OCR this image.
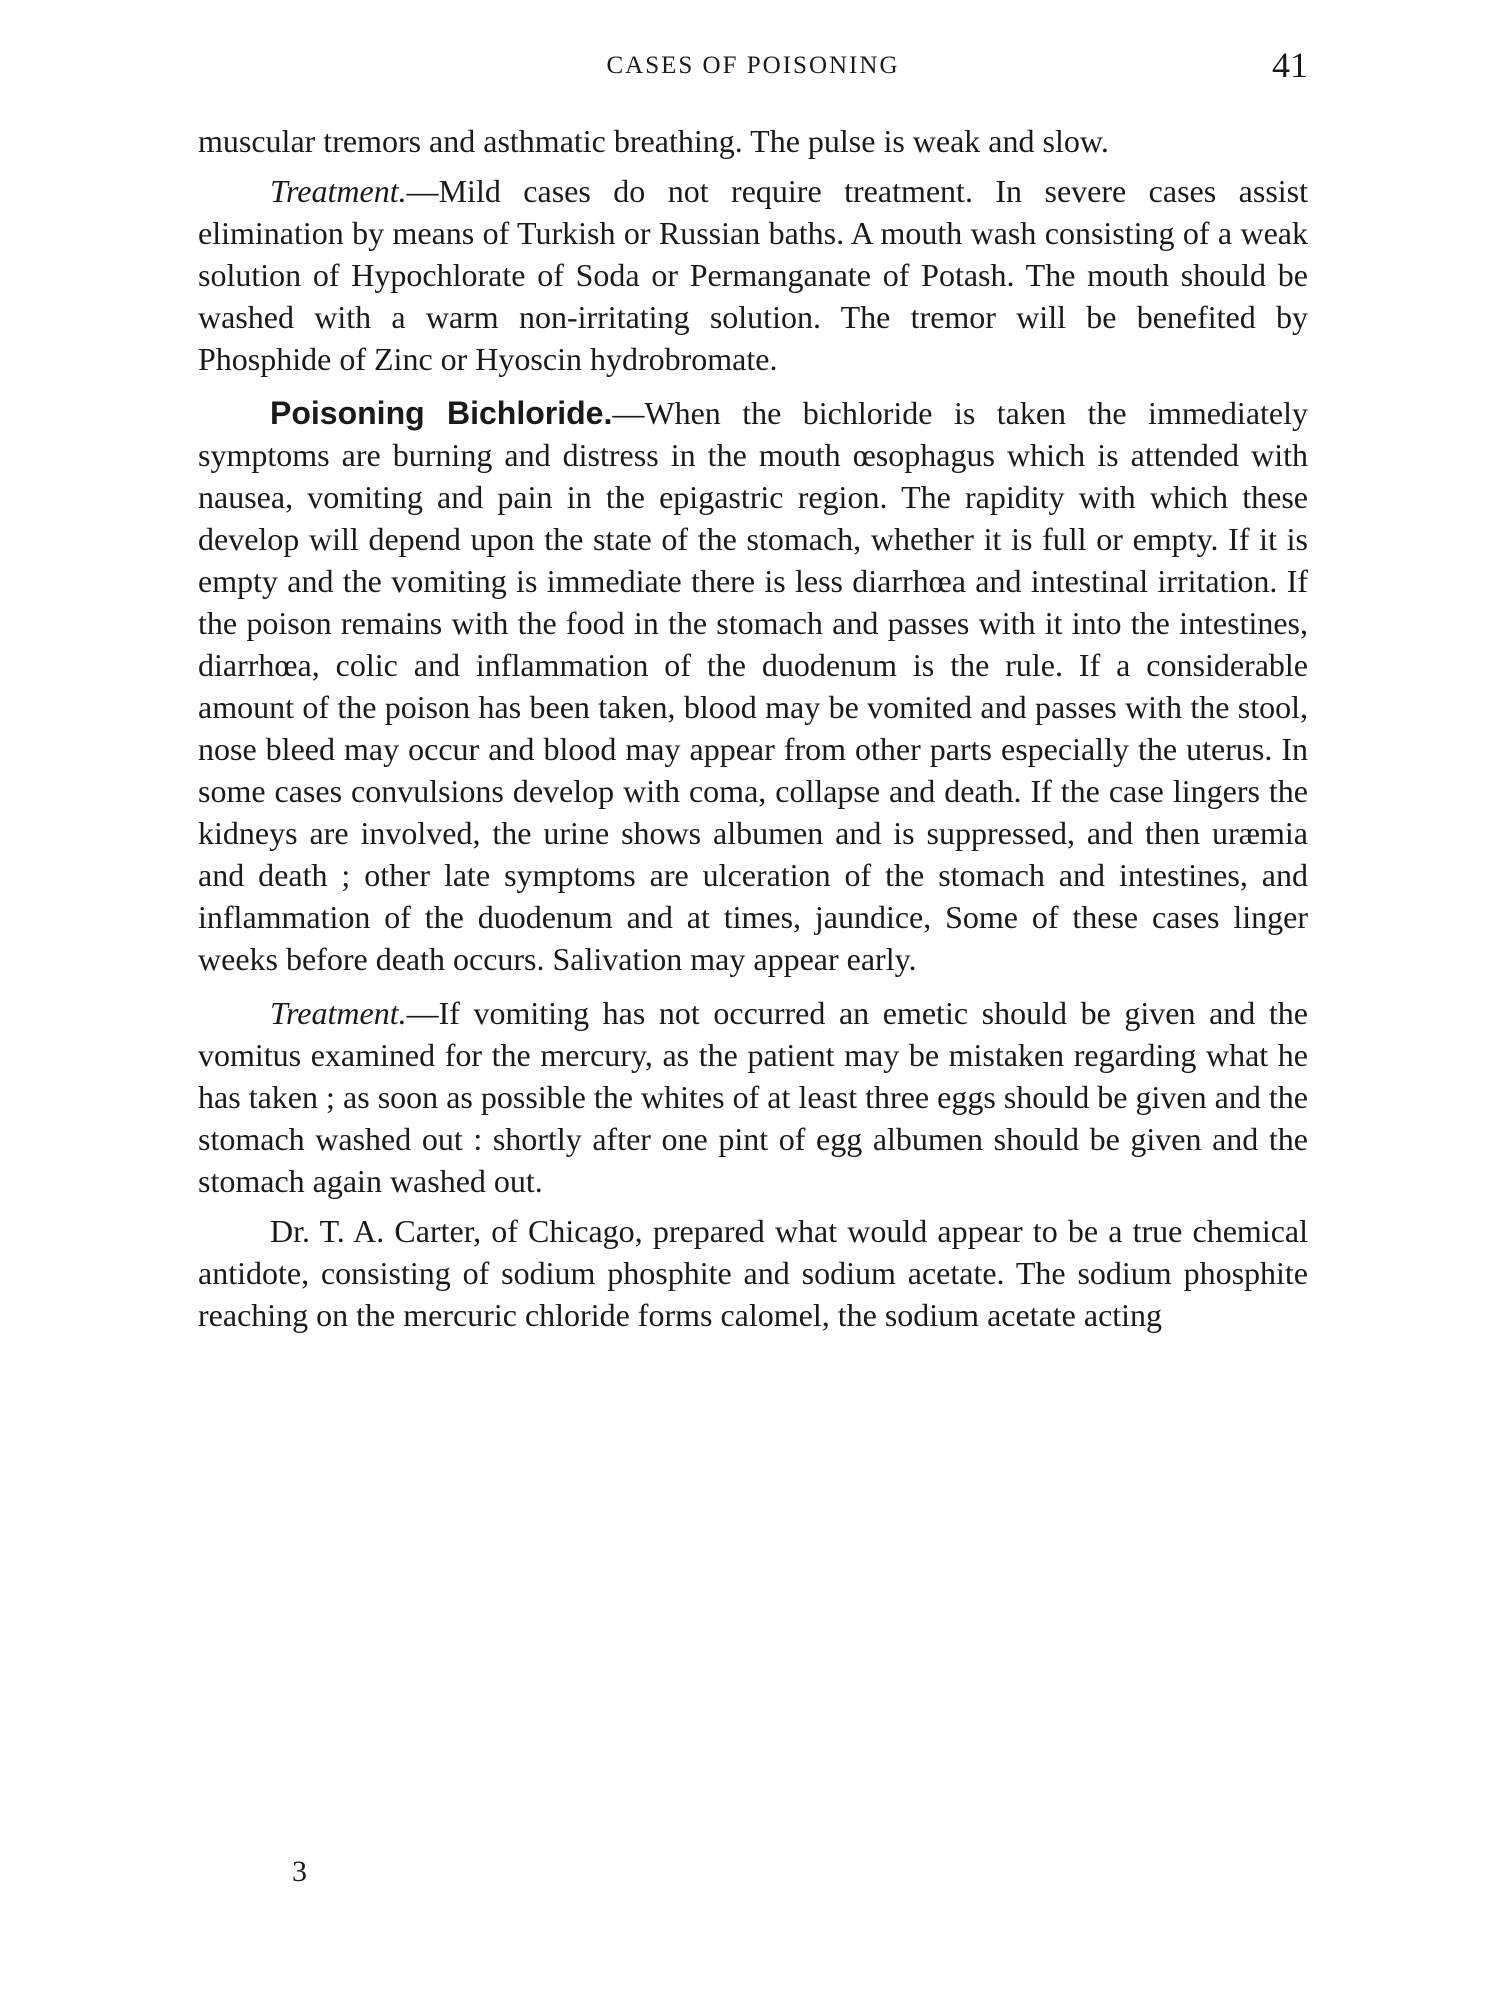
CASES OF POISONING	41

muscular tremors and asthmatic breathing. The pulse is weak and slow.

Treatment.—Mild cases do not require treatment. In severe cases assist elimination by means of Turkish or Russian baths. A mouth wash consisting of a weak solution of Hypochlorate of Soda or Permanganate of Potash. The mouth should be washed with a warm non-irritating solution. The tremor will be benefited by Phosphide of Zinc or Hyoscin hydrobromate.

Poisoning Bichloride.—When the bichloride is taken the immediately symptoms are burning and distress in the mouth œsophagus which is attended with nausea, vomiting and pain in the epigastric region. The rapidity with which these develop will depend upon the state of the stomach, whether it is full or empty. If it is empty and the vomiting is immediate there is less diarrhœa and intestinal irritation. If the poison remains with the food in the stomach and passes with it into the intestines, diarrhœa, colic and inflammation of the duodenum is the rule. If a considerable amount of the poison has been taken, blood may be vomited and passes with the stool, nose bleed may occur and blood may appear from other parts especially the uterus. In some cases convulsions develop with coma, collapse and death. If the case lingers the kidneys are involved, the urine shows albumen and is suppressed, and then uræmia and death ; other late symptoms are ulceration of the stomach and intestines, and inflammation of the duodenum and at times, jaundice, Some of these cases linger weeks before death occurs. Salivation may appear early.

Treatment.—If vomiting has not occurred an emetic should be given and the vomitus examined for the mercury, as the patient may be mistaken regarding what he has taken ; as soon as possible the whites of at least three eggs should be given and the stomach washed out : shortly after one pint of egg albumen should be given and the stomach again washed out.

Dr. T. A. Carter, of Chicago, prepared what would appear to be a true chemical antidote, consisting of sodium phosphite and sodium acetate. The sodium phosphite reaching on the mercuric chloride forms calomel, the sodium acetate acting

3
